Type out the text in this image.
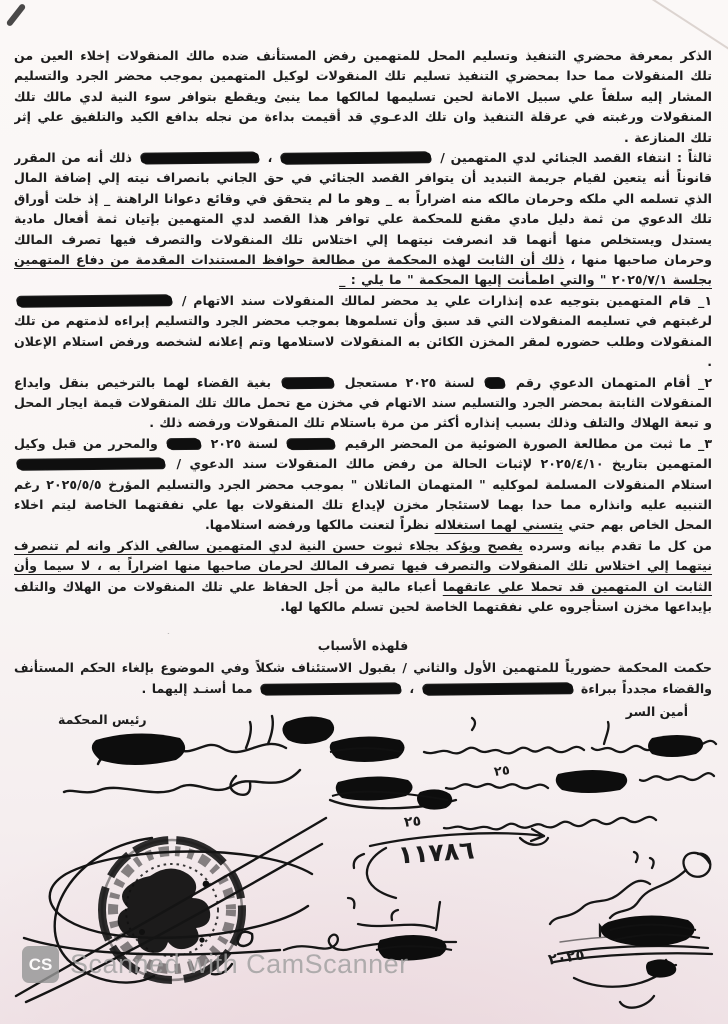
الذكر بمعرفة محضري التنفيذ وتسليم المحل للمتهمين رفض المستأنف ضده مالك المنقولات إخلاء العين من تلك المنقولات مما حدا بمحضري التنفيذ تسليم تلك المنقولات لوكيل المتهمين بموجب محضر الجرد والتسليم المشار إليه سلفاً علي سبيل الامانة لحين تسليمها لمالكها مما ينبئ ويقطع بتوافر سوء النية لدي مالك تلك المنقولات ورغبته في عرقلة التنفيذ وان تلك الدعـوي قد أقيمت بداءة من نجله بدافع الكيد والتلفيق علي إثر تلك المنازعة .

ثالثاً : انتفاء القصد الجنائي لدي المتهمين /  ،  ذلك أنه من المقرر قانوناً أنه يتعين لقيام جريمة التبديد أن يتوافر القصد الجنائي في حق الجاني بانصراف نيته إلي إضافة المال الذي تسلمه الي ملكه وحرمان مالكه منه اضراراً به _ وهو ما لم يتحقق في وقائع دعوانا الراهنة _ إذ خلت أوراق تلك الدعوي من ثمة دليل مادي مقنع للمحكمة علي توافر هذا القصد لدي المتهمين بإتيان ثمة أفعال مادية يستدل ويستخلص منها أنهما قد انصرفت نيتهما إلي اختلاس تلك المنقولات والتصرف فيها تصرف المالك وحرمان صاحبها منها ، ذلك أن الثابت لهذه المحكمة من مطالعة حوافظ المستندات المقدمة من دفاع المتهمين بجلسة ٢٠٢٥/٧/١ " والتي اطمأنت إليها المحكمة " ما يلي : _

١_ قام المتهمين بتوجيه عده إنذارات علي يد محضر لمالك المنقولات سند الاتهام /  لرغبتهم في تسليمه المنقولات التي قد سبق وأن تسلموها بموجب محضر الجرد والتسليم إبراءه لذمتهم من تلك المنقولات وطلب حضوره لمقر المخزن الكائن به المنقولات لاستلامها وتم إعلانه لشخصه ورفض استلام الإعلان .

٢_ أقام المتهمان الدعوي رقم  لسنة ٢٠٢٥ مستعجل  بغية القضاء لهما بالترخيص بنقل وايداع المنقولات الثابتة بمحضر الجرد والتسليم سند الاتهام في مخزن مع تحمل مالك تلك المنقولات قيمة ايجار المحل و تبعة الهلاك والتلف وذلك بسبب إنذاره أكثر من مرة باستلام تلك المنقولات ورفضه ذلك .

٣_ ما ثبت من مطالعة الصورة الضوئية من المحضر الرقيم  لسنة ٢٠٢٥  والمحرر من قبل وكيل المتهمين بتاريخ ٢٠٢٥/٤/١٠ لإثبات الحالة من رفض مالك المنقولات سند الدعوي /  استلام المنقولات المسلمة لموكليه " المتهمان الماثلان " بموجب محضر الجرد والتسليم المؤرخ ٢٠٢٥/٥/٥ رغم التنبيه عليه وانذاره مما حدا بهما لاستئجار مخزن لإيداع تلك المنقولات بها علي نفقتهما الخاصة ليتم اخلاء المحل الخاص بهم حتي يتسني لهما استغلاله نظراً لتعنت مالكها ورفضه استلامها.

من كل ما تقدم بيانه وسرده يفصح ويؤكد بجلاء ثبوت حسن النية لدي المتهمين سالفي الذكر وانه لم تنصرف نيتهما إلي اختلاس تلك المنقولات والتصرف فيها تصرف المالك لحرمان صاحبها منها اضراراً به ، لا سيما وأن الثابت ان المتهمين قد تحملا علي عاتقهما أعباء مالية من أجل الحفاظ علي تلك المنقولات من الهلاك والتلف بإيداعها مخزن استأجروه علي نفقتهما الخاصة لحين تسلم مالكها لها.

فلهذه الأسباب

حكمت المحكمة حضورياً للمتهمين الأول والثاني / بقبول الاستئناف شكلاً وفي الموضوع بإلغاء الحكم المستأنف والقضاء مجدداً ببراءة  ،  مما أسنـد إليهما .

أمين السر
رئيس المحكمة
٢٥
٢٥
١١٧٨٦
٢٠٢٥
CS Scanned with CamScanner
